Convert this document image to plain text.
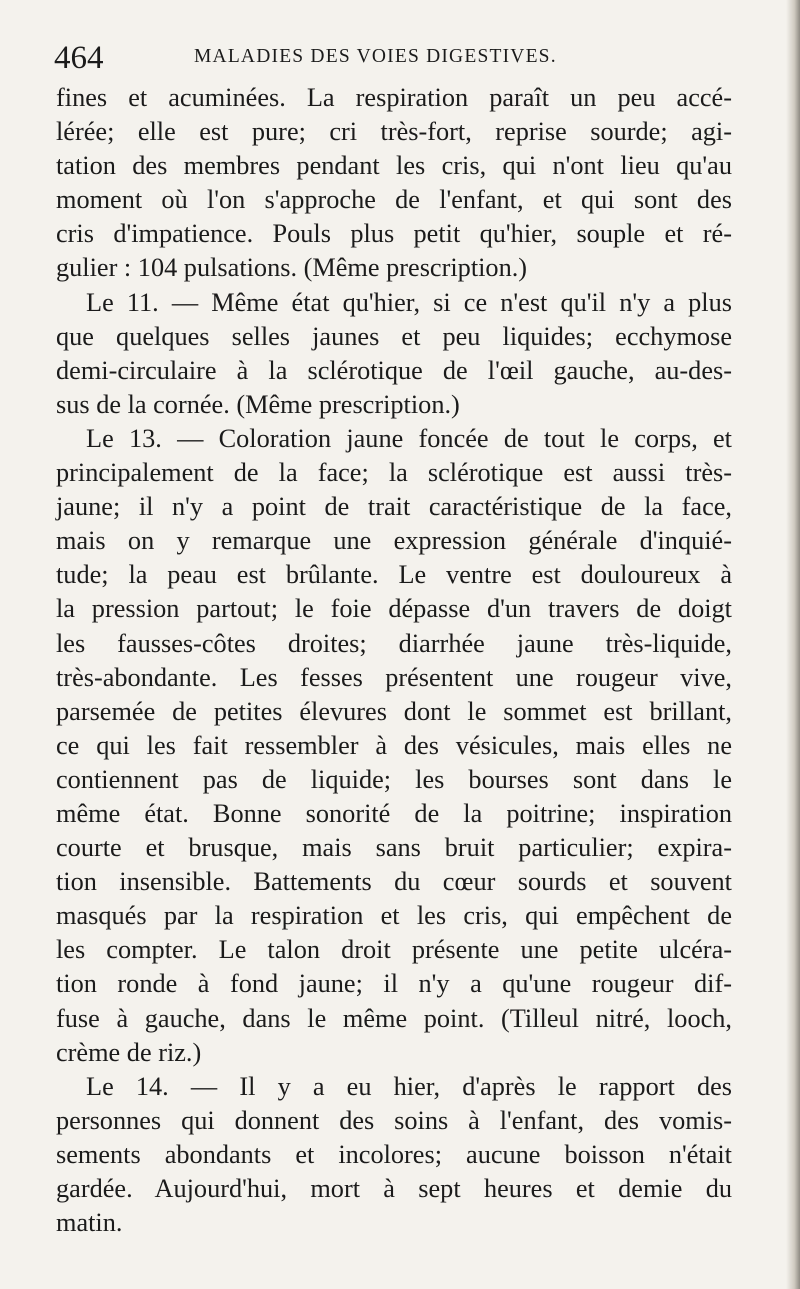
464	MALADIES DES VOIES DIGESTIVES.
fines et acuminées. La respiration paraît un peu accé-
lérée; elle est pure; cri très-fort, reprise sourde; agi-
tation des membres pendant les cris, qui n'ont lieu qu'au
moment où l'on s'approche de l'enfant, et qui sont des
cris d'impatience. Pouls plus petit qu'hier, souple et ré-
gulier : 104 pulsations. (Même prescription.)
Le 11. — Même état qu'hier, si ce n'est qu'il n'y a plus
que quelques selles jaunes et peu liquides; ecchymose
demi-circulaire à la sclérotique de l'œil gauche, au-des-
sus de la cornée. (Même prescription.)
Le 13. — Coloration jaune foncée de tout le corps, et
principalement de la face; la sclérotique est aussi très-
jaune; il n'y a point de trait caractéristique de la face,
mais on y remarque une expression générale d'inquié-
tude; la peau est brûlante. Le ventre est douloureux à
la pression partout; le foie dépasse d'un travers de doigt
les fausses-côtes droites; diarrhée jaune très-liquide,
très-abondante. Les fesses présentent une rougeur vive,
parsemée de petites élevures dont le sommet est brillant,
ce qui les fait ressembler à des vésicules, mais elles ne
contiennent pas de liquide; les bourses sont dans le
même état. Bonne sonorité de la poitrine; inspiration
courte et brusque, mais sans bruit particulier; expira-
tion insensible. Battements du cœur sourds et souvent
masqués par la respiration et les cris, qui empêchent de
les compter. Le talon droit présente une petite ulcéra-
tion ronde à fond jaune; il n'y a qu'une rougeur dif-
fuse à gauche, dans le même point. (Tilleul nitré, looch,
crème de riz.)
Le 14. — Il y a eu hier, d'après le rapport des
personnes qui donnent des soins à l'enfant, des vomis-
sements abondants et incolores; aucune boisson n'était
gardée. Aujourd'hui, mort à sept heures et demie du
matin.
